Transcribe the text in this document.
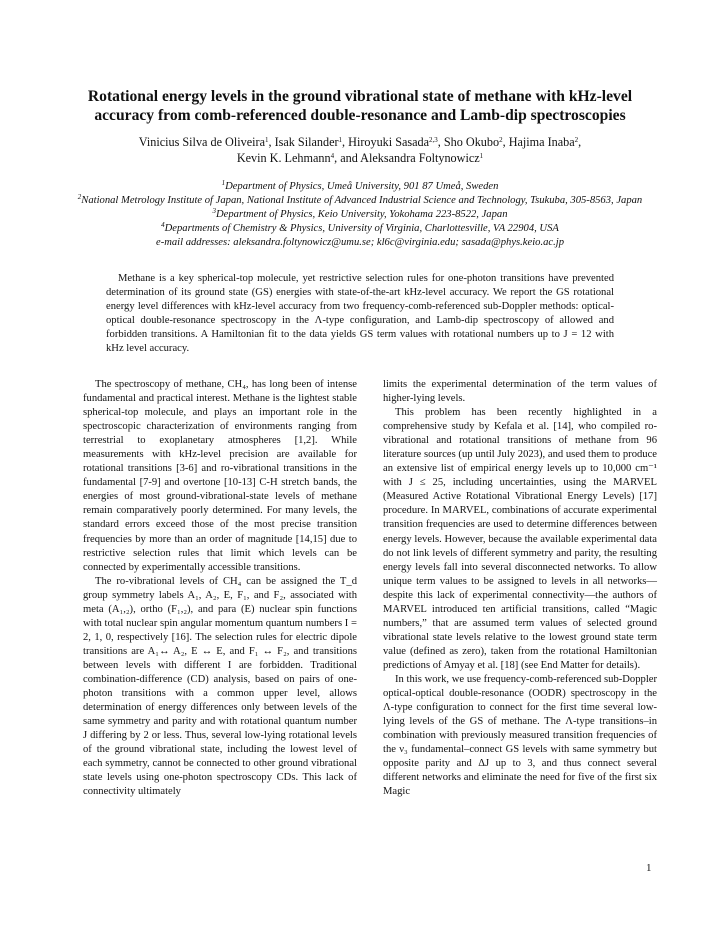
Rotational energy levels in the ground vibrational state of methane with kHz-level
accuracy from comb-referenced double-resonance and Lamb-dip spectroscopies
Vinicius Silva de Oliveira$^1$, Isak Silander$^1$, Hiroyuki Sasada$^{2,3}$, Sho Okubo$^2$, Hajima Inaba$^2$,
Kevin K. Lehmann$^4$, and Aleksandra Foltynowicz$^1$
$^1$Department of Physics, Umeå University, 901 87 Umeå, Sweden
$^2$National Metrology Institute of Japan, National Institute of Advanced Industrial Science and Technology, Tsukuba, 305-8563, Japan
$^3$Department of Physics, Keio University, Yokohama 223-8522, Japan
$^4$Departments of Chemistry & Physics, University of Virginia, Charlottesville, VA 22904, USA
e-mail addresses: aleksandra.foltynowicz@umu.se; kl6c@virginia.edu; sasada@phys.keio.ac.jp
Methane is a key spherical-top molecule, yet restrictive selection rules for one-photon transitions have prevented determination of its ground state (GS) energies with state-of-the-art kHz-level accuracy. We report the GS rotational energy level differences with kHz-level accuracy from two frequency-comb-referenced sub-Doppler methods: optical-optical double-resonance spectroscopy in the Λ-type configuration, and Lamb-dip spectroscopy of allowed and forbidden transitions. A Hamiltonian fit to the data yields GS term values with rotational numbers up to J = 12 with kHz level accuracy.

The spectroscopy of methane, CH₄, has long been of intense fundamental and practical interest. Methane is the lightest stable spherical-top molecule, and plays an important role in the spectroscopic characterization of environments ranging from terrestrial to exoplanetary atmospheres [1,2]. While measurements with kHz-level precision are available for rotational transitions [3-6] and ro-vibrational transitions in the fundamental [7-9] and overtone [10-13] C-H stretch bands, the energies of most ground-vibrational-state levels of methane remain comparatively poorly determined. For many levels, the standard errors exceed those of the most precise transition frequencies by more than an order of magnitude [14,15] due to restrictive selection rules that limit which levels can be connected by experimentally accessible transitions.

The ro-vibrational levels of CH₄ can be assigned the T_d group symmetry labels A₁, A₂, E, F₁, and F₂, associated with meta (A₁,₂), ortho (F₁,₂), and para (E) nuclear spin functions with total nuclear spin angular momentum quantum numbers I = 2, 1, 0, respectively [16]. The selection rules for electric dipole transitions are A₁↔ A₂, E ↔ E, and F₁ ↔ F₂, and transitions between levels with different I are forbidden. Traditional combination-difference (CD) analysis, based on pairs of one-photon transitions with a common upper level, allows determination of energy differences only between levels of the same symmetry and parity and with rotational quantum number J differing by 2 or less. Thus, several low-lying rotational levels of the ground vibrational state, including the lowest level of each symmetry, cannot be connected to other ground vibrational state levels using one-photon spectroscopy CDs. This lack of connectivity ultimately

limits the experimental determination of the term values of higher-lying levels.

This problem has been recently highlighted in a comprehensive study by Kefala et al. [14], who compiled ro-vibrational and rotational transitions of methane from 96 literature sources (up until July 2023), and used them to produce an extensive list of empirical energy levels up to 10,000 cm⁻¹ with J ≤ 25, including uncertainties, using the MARVEL (Measured Active Rotational Vibrational Energy Levels) [17] procedure. In MARVEL, combinations of accurate experimental transition frequencies are used to determine differences between energy levels. However, because the available experimental data do not link levels of different symmetry and parity, the resulting energy levels fall into several disconnected networks. To allow unique term values to be assigned to levels in all networks—despite this lack of experimental connectivity—the authors of MARVEL introduced ten artificial transitions, called “Magic numbers,” that are assumed term values of selected ground vibrational state levels relative to the lowest ground state term value (defined as zero), taken from the rotational Hamiltonian predictions of Amyay et al. [18] (see End Matter for details).

In this work, we use frequency-comb-referenced sub-Doppler optical-optical double-resonance (OODR) spectroscopy in the Λ-type configuration to connect for the first time several low-lying levels of the GS of methane. The Λ-type transitions–in combination with previously measured transition frequencies of the ν₃ fundamental–connect GS levels with same symmetry but opposite parity and ΔJ up to 3, and thus connect several different networks and eliminate the need for five of the first six Magic

1
